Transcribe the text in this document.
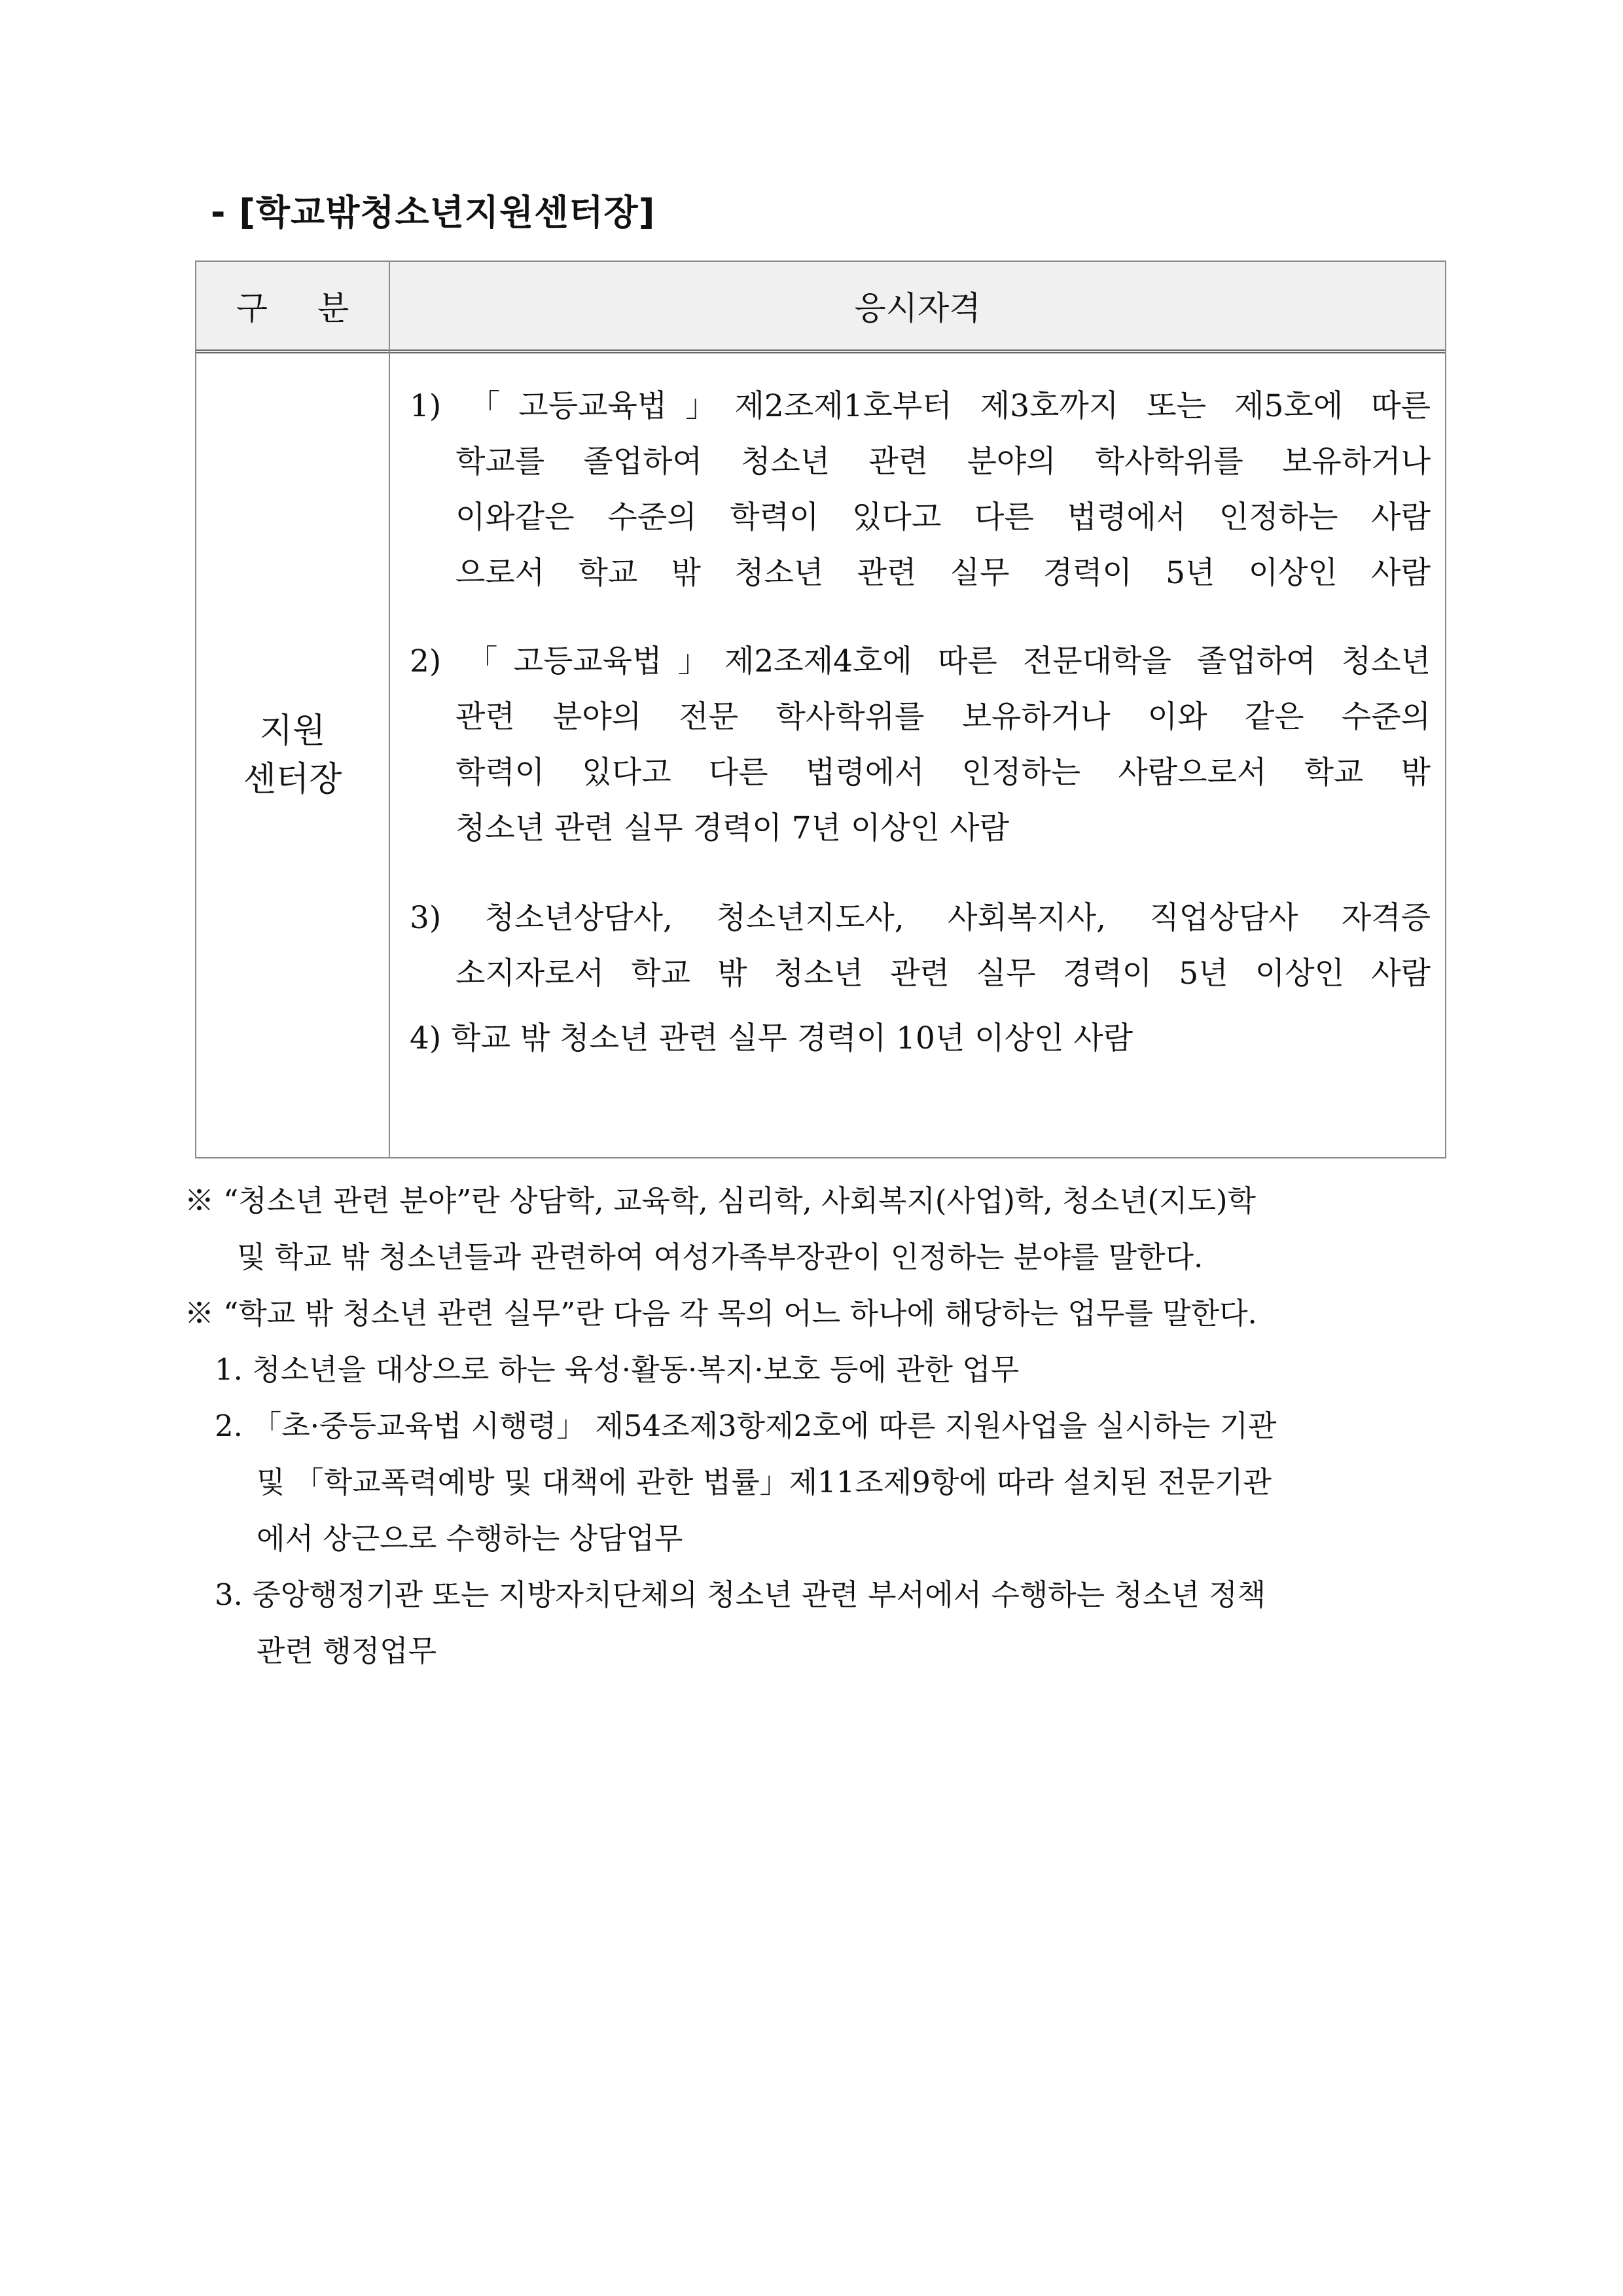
- [학교밖청소년지원센터장]
구 분	응시자격
지원
센터장
1) 「고등교육법」제2조제1호부터 제3호까지 또는 제5호에 따른
학교를 졸업하여 청소년 관련 분야의 학사학위를 보유하거나
이와같은 수준의 학력이 있다고 다른 법령에서 인정하는 사람
으로서 학교 밖 청소년 관련 실무 경력이 5년 이상인 사람
2) 「고등교육법」제2조제4호에 따른 전문대학을 졸업하여 청소년
관련 분야의 전문 학사학위를 보유하거나 이와 같은 수준의
학력이 있다고 다른 법령에서 인정하는 사람으로서 학교 밖
청소년 관련 실무 경력이 7년 이상인 사람
3) 청소년상담사, 청소년지도사, 사회복지사, 직업상담사 자격증
소지자로서 학교 밖 청소년 관련 실무 경력이 5년 이상인 사람
4) 학교 밖 청소년 관련 실무 경력이 10년 이상인 사람
※ “청소년 관련 분야”란 상담학, 교육학, 심리학, 사회복지(사업)학, 청소년(지도)학
및 학교 밖 청소년들과 관련하여 여성가족부장관이 인정하는 분야를 말한다.
※ “학교 밖 청소년 관련 실무”란 다음 각 목의 어느 하나에 해당하는 업무를 말한다.
1. 청소년을 대상으로 하는 육성·활동·복지·보호 등에 관한 업무
2. 「초·중등교육법 시행령」 제54조제3항제2호에 따른 지원사업을 실시하는 기관
및 「학교폭력예방 및 대책에 관한 법률」제11조제9항에 따라 설치된 전문기관
에서 상근으로 수행하는 상담업무
3. 중앙행정기관 또는 지방자치단체의 청소년 관련 부서에서 수행하는 청소년 정책
관련 행정업무
